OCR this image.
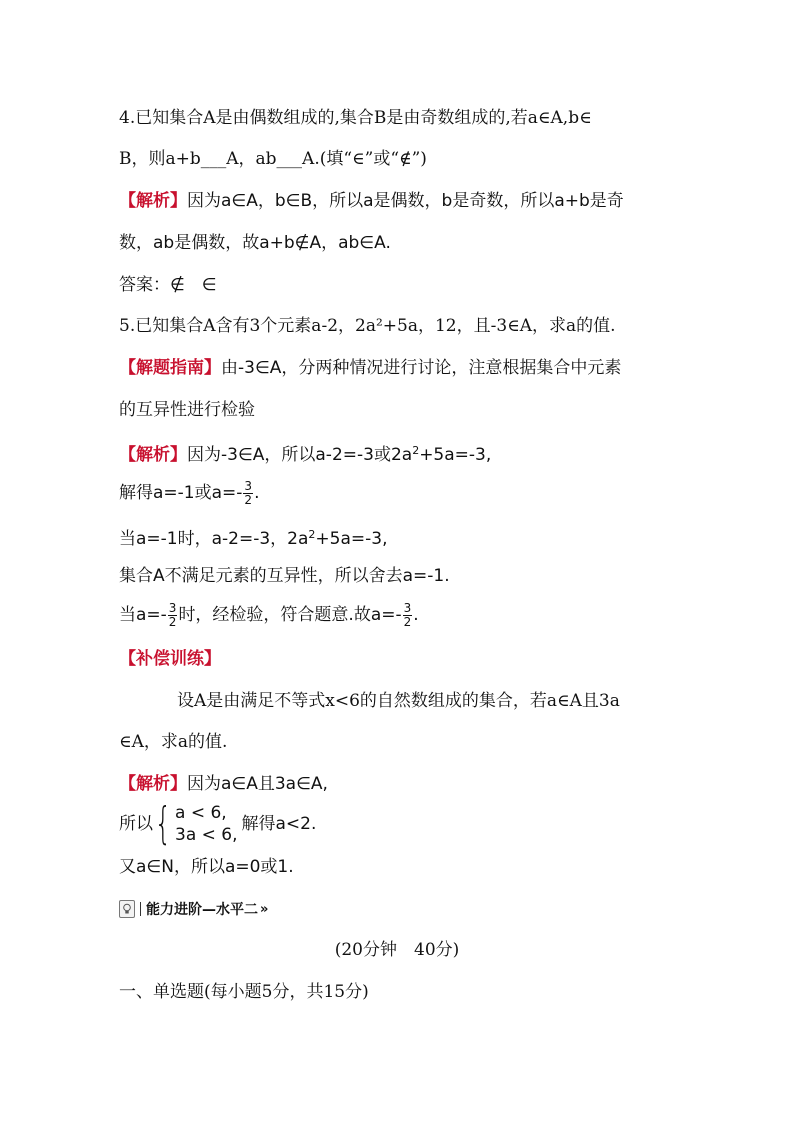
4.已知集合A是由偶数组成的,集合B是由奇数组成的,若a∈A,b∈
B，则a+b___A，ab___A.(填“∈”或“∉”)
【解析】因为a∈A，b∈B，所以a是偶数，b是奇数，所以a+b是奇
数，ab是偶数，故a+b∉A，ab∈A.
答案：∉　∈
5.已知集合A含有3个元素a-2，2a²+5a，12，且-3∈A，求a的值.
【解题指南】由-3∈A，分两种情况进行讨论，注意根据集合中元素
的互异性进行检验
【解析】因为-3∈A，所以a-2=-3或$2a^2+5a=-3$,
解得a=-1或$a=- \frac{3}{2}$ .
当a=-1时，a-2=-3，$2a^2+5a=-3$,
集合A不满足元素的互异性，所以舍去a=-1.
当$a=- \frac{3}{2}$ 时，经检验，符合题意.故$a=- \frac{3}{2}$ .
【补偿训练】
设A是由满足不等式x<6的自然数组成的集合，若a∈A且3a
∈A，求a的值.
【解析】因为a∈A且3a∈A,
所以 { a < 6,
3a < 6,
解得a<2.
又a∈N，所以a=0或1.
能力进阶—水平二 »
(20分钟　40分)
一、单选题(每小题5分，共15分)
